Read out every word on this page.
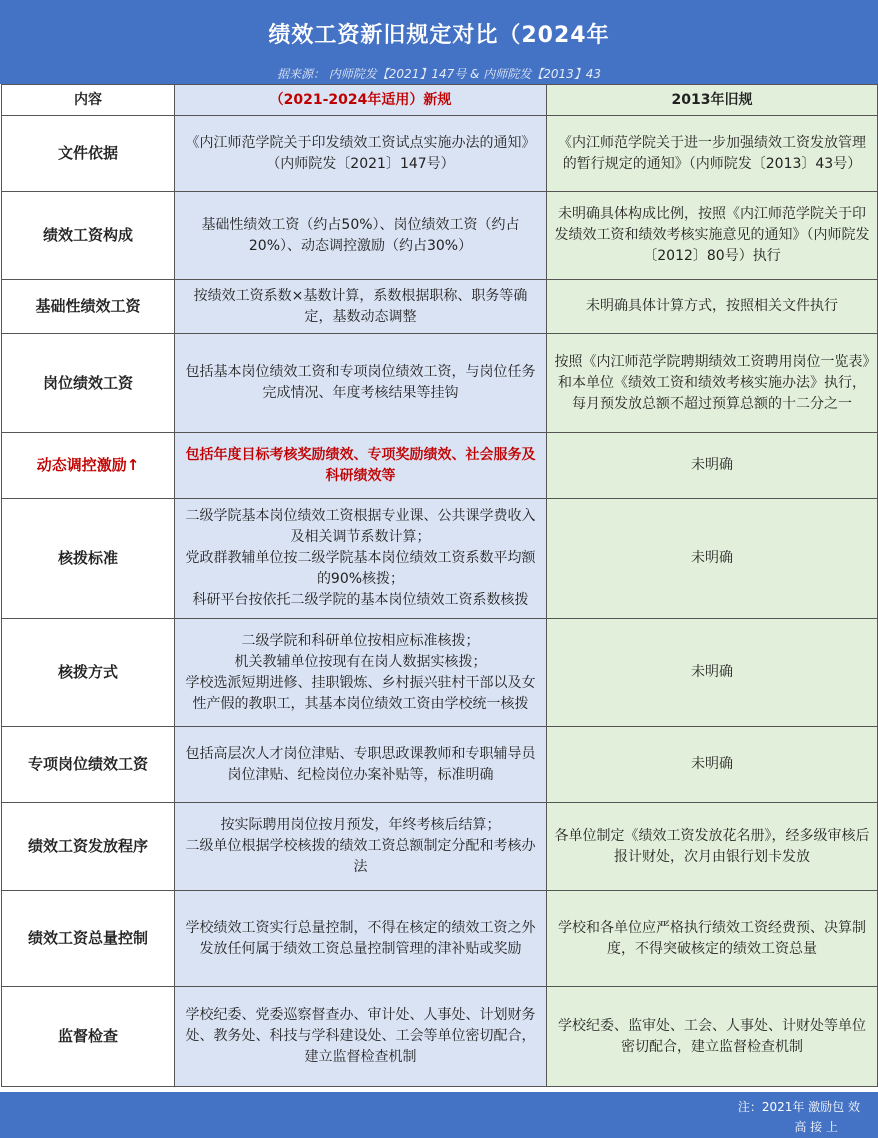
绩效工资新旧规定对比（2024年
据来源： 内师院发【2021】147号 & 内师院发【2013】43
内容	（2021-2024年适用）新规	2013年旧规
文件依据	《内江师范学院关于印发绩效工资试点实施办法的通知》（内师院发〔2021〕147号）	《内江师范学院关于进一步加强绩效工资发放管理的暂行规定的通知》（内师院发〔2013〕43号）
绩效工资构成	基础性绩效工资（约占50%）、岗位绩效工资（约占20%）、动态调控激励（约占30%）	未明确具体构成比例，按照《内江师范学院关于印发绩效工资和绩效考核实施意见的通知》（内师院发〔2012〕80号）执行
基础性绩效工资	按绩效工资系数×基数计算，系数根据职称、职务等确定，基数动态调整	未明确具体计算方式，按照相关文件执行
岗位绩效工资	包括基本岗位绩效工资和专项岗位绩效工资，与岗位任务完成情况、年度考核结果等挂钩	按照《内江师范学院聘期绩效工资聘用岗位一览表》和本单位《绩效工资和绩效考核实施办法》执行，每月预发放总额不超过预算总额的十二分之一
动态调控激励↑	包括年度目标考核奖励绩效、专项奖励绩效、社会服务及科研绩效等	未明确
核拨标准	二级学院基本岗位绩效工资根据专业课、公共课学费收入及相关调节系数计算；
党政群教辅单位按二级学院基本岗位绩效工资系数平均额的90%核拨；
科研平台按依托二级学院的基本岗位绩效工资系数核拨	未明确
核拨方式	二级学院和科研单位按相应标准核拨；
机关教辅单位按现有在岗人数据实核拨；
学校选派短期进修、挂职锻炼、乡村振兴驻村干部以及女性产假的教职工，其基本岗位绩效工资由学校统一核拨	未明确
专项岗位绩效工资	包括高层次人才岗位津贴、专职思政课教师和专职辅导员岗位津贴、纪检岗位办案补贴等，标准明确	未明确
绩效工资发放程序	按实际聘用岗位按月预发，年终考核后结算；
二级单位根据学校核拨的绩效工资总额制定分配和考核办法	各单位制定《绩效工资发放花名册》，经多级审核后报计财处，次月由银行划卡发放
绩效工资总量控制	学校绩效工资实行总量控制，不得在核定的绩效工资之外发放任何属于绩效工资总量控制管理的津补贴或奖励	学校和各单位应严格执行绩效工资经费预、决算制度，不得突破核定的绩效工资总量
监督检查	学校纪委、党委巡察督查办、审计处、人事处、计划财务处、教务处、科技与学科建设处、工会等单位密切配合，建立监督检查机制	学校纪委、监审处、工会、人事处、计财处等单位密切配合，建立监督检查机制
注：2021年 激励包 效
高 接 上
